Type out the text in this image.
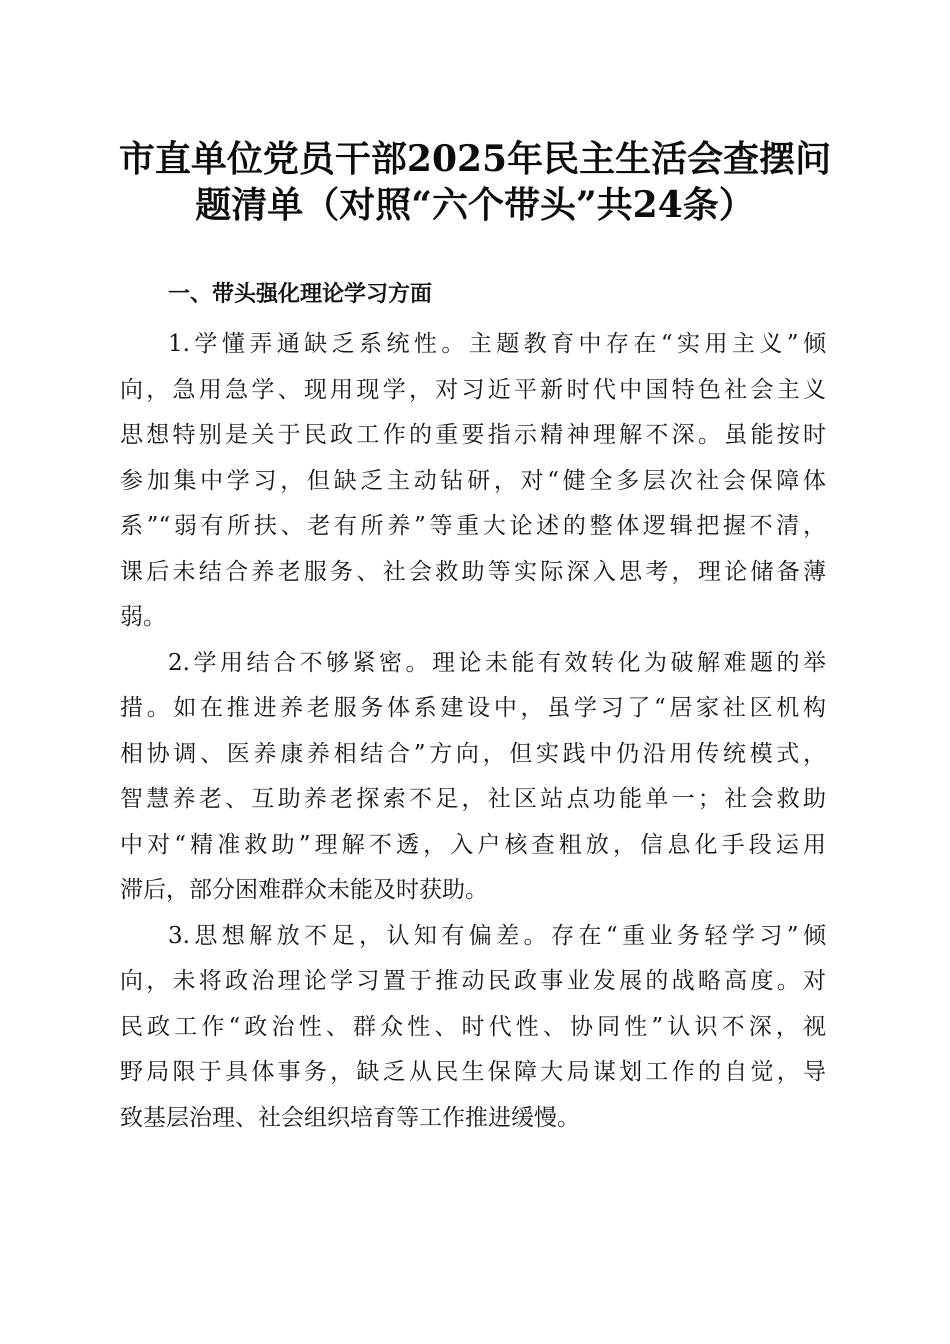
市直单位党员干部2025年民主生活会查摆问
题清单（对照“六个带头”共24条）
一、带头强化理论学习方面

1.学懂弄通缺乏系统性。主题教育中存在“实用主义”倾
向，急用急学、现用现学，对习近平新时代中国特色社会主义
思想特别是关于民政工作的重要指示精神理解不深。虽能按时
参加集中学习，但缺乏主动钻研，对“健全多层次社会保障体
系”“弱有所扶、老有所养”等重大论述的整体逻辑把握不清，
课后未结合养老服务、社会救助等实际深入思考，理论储备薄
弱。

2.学用结合不够紧密。理论未能有效转化为破解难题的举
措。如在推进养老服务体系建设中，虽学习了“居家社区机构
相协调、医养康养相结合”方向，但实践中仍沿用传统模式，
智慧养老、互助养老探索不足，社区站点功能单一；社会救助
中对“精准救助”理解不透，入户核查粗放，信息化手段运用
滞后，部分困难群众未能及时获助。

3.思想解放不足，认知有偏差。存在“重业务轻学习”倾
向，未将政治理论学习置于推动民政事业发展的战略高度。对
民政工作“政治性、群众性、时代性、协同性”认识不深，视
野局限于具体事务，缺乏从民生保障大局谋划工作的自觉，导
致基层治理、社会组织培育等工作推进缓慢。
